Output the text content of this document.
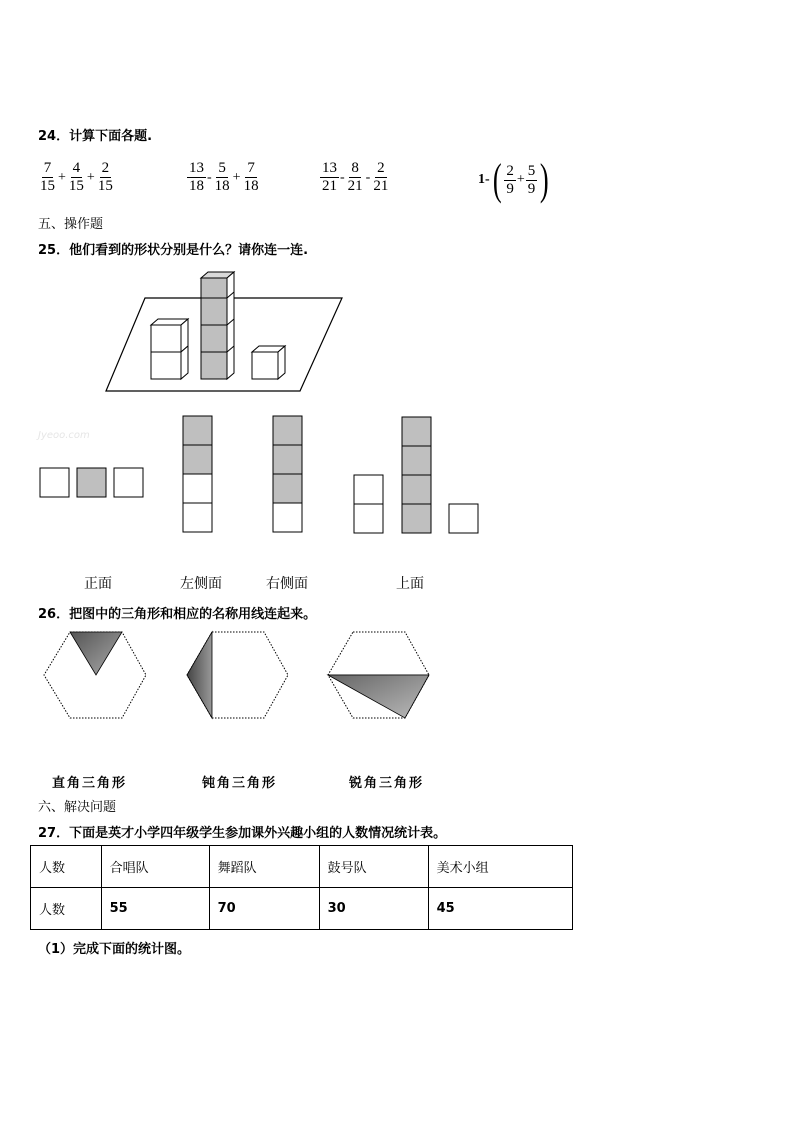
24．计算下面各题.
$\frac{7}{15} + \frac{4}{15} + \frac{2}{15}$	$\frac{13}{18} - \frac{5}{18} + \frac{7}{18}$	$\frac{13}{21} - \frac{8}{21} - \frac{2}{21}$	1- ( $\frac{2}{9} + \frac{5}{9}$ )
五、操作题
25．他们看到的形状分别是什么？请你连一连.
Jyeoo.com
正面	左侧面	右侧面	上面
26．把图中的三角形和相应的名称用线连起来。
直角三角形	钝角三角形	锐角三角形
六、解决问题
27．下面是英才小学四年级学生参加课外兴趣小组的人数情况统计表。
人数	合唱队	舞蹈队	鼓号队	美术小组
人数	55	70	30	45
（1）完成下面的统计图。
